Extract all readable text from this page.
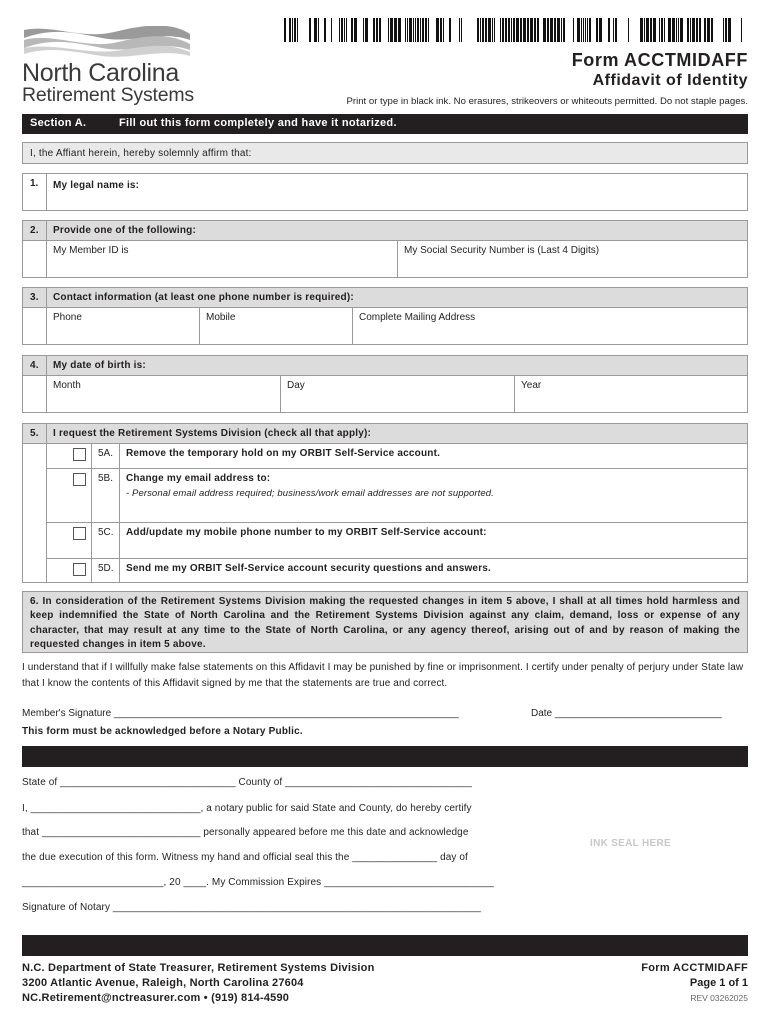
North Carolina
Retirement Systems
Form ACCTMIDAFF
Affidavit of Identity
Print or type in black ink. No erasures, strikeovers or whiteouts permitted. Do not staple pages.
Section A.	Fill out this form completely and have it notarized.
I, the Affiant herein, hereby solemnly affirm that:
1.	My legal name is:
2.	Provide one of the following:
My Member ID is	My Social Security Number is (Last 4 Digits)
3.	Contact information (at least one phone number is required):
Phone	Mobile	Complete Mailing Address
4.	My date of birth is:
Month	Day	Year
5.	I request the Retirement Systems Division (check all that apply):
5A.	Remove the temporary hold on my ORBIT Self-Service account.
5B.	Change my email address to:
- Personal email address required; business/work email addresses are not supported.
5C.	Add/update my mobile phone number to my ORBIT Self-Service account:
5D.	Send me my ORBIT Self-Service account security questions and answers.
6. In consideration of the Retirement Systems Division making the requested changes in item 5 above, I shall at all times hold harmless and keep indemnified the State of North Carolina and the Retirement Systems Division against any claim, demand, loss or expense of any character, that may result at any time to the State of North Carolina, or any agency thereof, arising out of and by reason of making the requested changes in item 5 above.
I understand that if I willfully make false statements on this Affidavit I may be punished by fine or imprisonment. I certify under penalty of perjury under State law that I know the contents of this Affidavit signed by me that the statements are true and correct.
Member's Signature ______________________________________________________________	Date ______________________________
This form must be acknowledged before a Notary Public.
State of _______________________________ County of _________________________________
I, ______________________________, a notary public for said State and County, do hereby certify
that ____________________________ personally appeared before me this date and acknowledge
the due execution of this form. Witness my hand and official seal this the _______________ day of
_________________________, 20 ____. My Commission Expires ______________________________
Signature of Notary _________________________________________________________________
INK SEAL HERE
N.C. Department of State Treasurer, Retirement Systems Division
3200 Atlantic Avenue, Raleigh, North Carolina 27604
NC.Retirement@nctreasurer.com • (919) 814-4590
Form ACCTMIDAFF
Page 1 of 1
REV 03262025
